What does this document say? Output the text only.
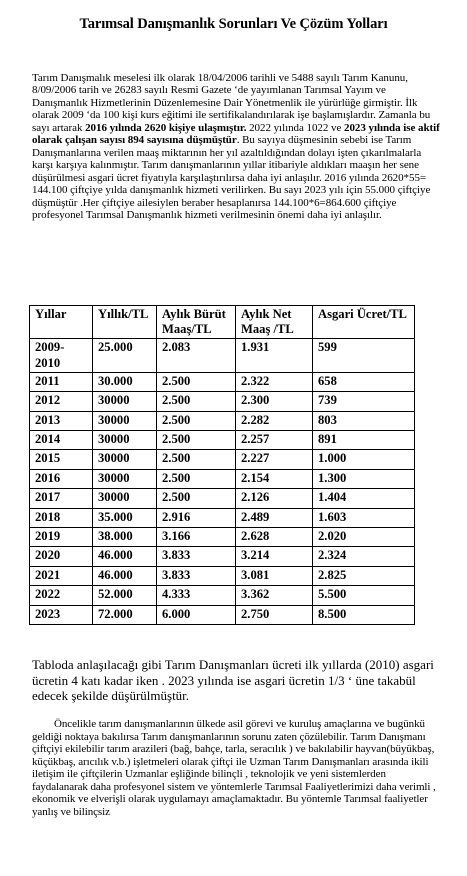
Tarımsal Danışmanlık Sorunları Ve Çözüm Yolları
Tarım Danışmalık meselesi ilk olarak 18/04/2006 tarihli ve 5488 sayılı Tarım Kanunu, 8/09/2006 tarih ve 26283 sayılı Resmi Gazete ‘de yayımlanan Tarımsal Yayım ve Danışmanlık Hizmetlerinin Düzenlemesine Dair Yönetmenlik ile yürürlüğe girmiştir. İlk olarak 2009 ‘da 100 kişi kurs eğitimi ile sertifikalandırılarak işe başlamışlardır. Zamanla bu sayı artarak 2016 yılında 2620 kişiye ulaşmıştır. 2022 yılında 1022 ve 2023 yılında ise aktif olarak çalışan sayısı 894 sayısına düşmüştür. Bu sayıya düşmesinin sebebi ise Tarım Danışmanlarına verilen maaş miktarının her yıl azaltıldığından dolayı işten çıkarılmalarla karşı karşıya kalınmıştır. Tarım danışmanlarının yıllar itibariyle aldıkları maaşın her sene düşürülmesi asgari ücret fiyatıyla karşılaştırılırsa daha iyi anlaşılır. 2016 yılında 2620*55= 144.100 çiftçiye yılda danışmanlık hizmeti verilirken. Bu sayı 2023 yılı için 55.000 çiftçiye düşmüştür .Her çiftçiye ailesiylen beraber hesaplanırsa 144.100*6=864.600 çiftçiye profesyonel Tarımsal Danışmanlık hizmeti verilmesinin önemi daha iyi anlaşılır.
Yıllar	Yıllık/TL	Aylık Bürüt Maaş/TL	Aylık Net Maaş /TL	Asgari Ücret/TL
2009-2010	25.000	2.083	1.931	599
2011	30.000	2.500	2.322	658
2012	30000	2.500	2.300	739
2013	30000	2.500	2.282	803
2014	30000	2.500	2.257	891
2015	30000	2.500	2.227	1.000
2016	30000	2.500	2.154	1.300
2017	30000	2.500	2.126	1.404
2018	35.000	2.916	2.489	1.603
2019	38.000	3.166	2.628	2.020
2020	46.000	3.833	3.214	2.324
2021	46.000	3.833	3.081	2.825
2022	52.000	4.333	3.362	5.500
2023	72.000	6.000	2.750	8.500
Tabloda anlaşılacağı gibi Tarım Danışmanları ücreti ilk yıllarda (2010) asgari ücretin 4 katı kadar iken . 2023 yılında ise asgari ücretin 1/3 ‘ üne takabül edecek şekilde düşürülmüştür.
Öncelikle tarım danışmanlarının ülkede asil görevi ve kuruluş amaçlarına ve bugünkü geldiği noktaya bakılırsa Tarım danışmanlarının sorunu zaten çözülebilir. Tarım Danışmanı çiftçiyi ekilebilir tarım arazileri (bağ, bahçe, tarla, seracılık ) ve bakılabilir hayvan(büyükbaş, küçükbaş, arıcılık v.b.) işletmeleri olarak çiftçi ile Uzman Tarım Danışmanları arasında ikili iletişim ile çiftçilerin Uzmanlar eşliğinde bilinçli , teknolojik ve yeni sistemlerden faydalanarak daha profesyonel sistem ve yöntemlerle Tarımsal Faaliyetlerimizi daha verimli , ekonomik ve elverişli olarak uygulamayı amaçlamaktadır. Bu yöntemle Tarımsal faaliyetler yanlış ve bilinçsiz
